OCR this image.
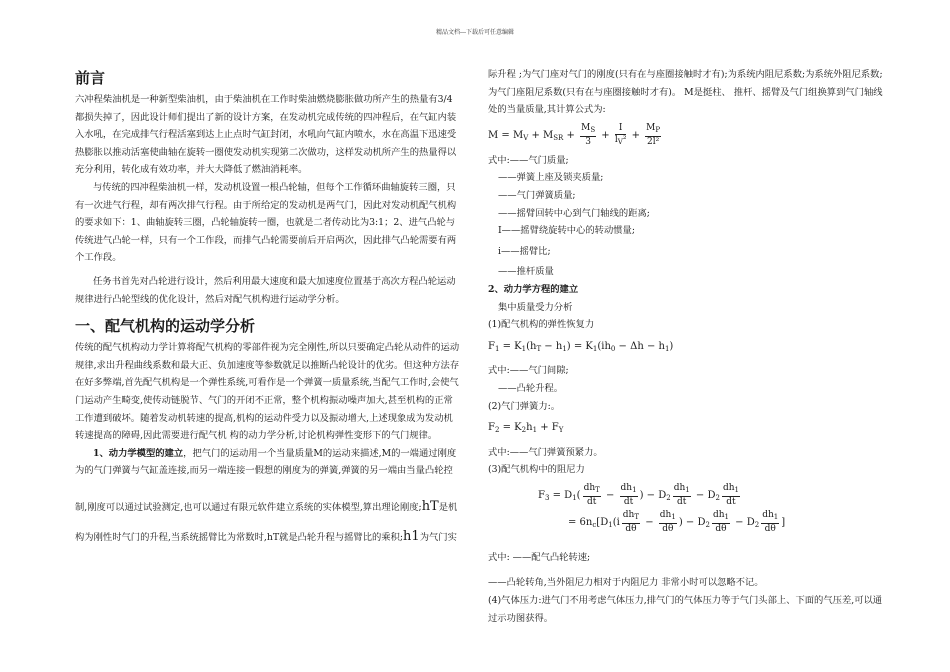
精品文档---下载后可任意编辑
前言

六冲程柴油机是一种新型柴油机，由于柴油机在工作时柴油燃烧膨胀做功所产生的热量有3/4都损失掉了，因此设计师们提出了新的设计方案，在发动机完成传统的四冲程后，在气缸内装入水吼，在完成排气行程活塞到达上止点时气缸封闭，水吼向气缸内喷水，水在高温下迅速受热膨胀以推动活塞使曲轴在旋转一圈使发动机实现第二次做功，这样发动机所产生的热量得以充分利用，转化成有效功率，并大大降低了燃油消耗率。

与传统的四冲程柴油机一样，发动机设置一根凸轮轴，但每个工作循环曲轴旋转三圈，只有一次进气行程，却有两次排气行程。由于所给定的发动机是两气门，因此对发动机配气机构的要求如下：1、曲轴旋转三圈，凸轮轴旋转一圈，也就是二者传动比为3:1；2、进气凸轮与传统进气凸轮一样，只有一个工作段，而排气凸轮需要前后开启两次，因此排气凸轮需要有两个工作段。

任务书首先对凸轮进行设计，然后利用最大速度和最大加速度位置基于高次方程凸轮运动规律进行凸轮型线的优化设计，然后对配气机构进行运动学分析。

一、配气机构的运动学分析

传统的配气机构动力学计算将配气机构的零部件视为完全刚性,所以只要确定凸轮从动件的运动规律,求出升程曲线系数和最大正、负加速度等参数就足以推断凸轮设计的优劣。但这种方法存在好多弊端,首先配气机构是一个弹性系统,可看作是一个弹簧一质量系统,当配气工作时,会使气门运动产生畸变,使传动链脱节、气门的开闭不正常，整个机构振动噪声加大,甚至机构的正常工作遭到破坏。随着发动机转速的提高,机构的运动件受力以及振动增大,上述现象成为发动机转速提高的障碍,因此需要进行配气机 构的动力学分析,讨论机构弹性变形下的气门规律。

1、动力学模型的建立，把气门的运动用一个当量质量M的运动来描述,M的一端通过刚度为的气门弹簧与气缸盖连接,而另一端连接一假想的刚度为的弹簧,弹簧的另一端由当量凸轮控

制,刚度可以通过试验测定,也可以通过有限元软件建立系统的实体模型,算出理论刚度;hT是机

构为刚性时气门的升程,当系统摇臂比为常数时,hT就是凸轮升程与摇臂比的乘积;h1为气门实

际升程 ;为气门座对气门的刚度(只有在与座圈接触时才有);为系统内阻尼系数;为系统外阻尼系数;为气门座阻尼系数(只有在与座圈接触时才有)。 M是挺柱、 推杆、摇臂及气门组换算到气门轴线处的当量质量,其计算公式为:

$M = M_V + M_{SR} + \frac{M_S}{3} + \frac{I}{l_V^2} + \frac{M_P}{\text{2l²}}$

式中:——气门质量;

——弹簧上座及锁夹质量;

——气门弹簧质量;

——摇臂回转中心到气门轴线的距离;

I——摇臂绕旋转中心的转动惯量;

i——摇臂比;

——推杆质量

2、动力学方程的建立

集中质量受力分析

(1)配气机构的弹性恢复力

$F_1 = K_1(h_T - h_1) = K_1(ih_0 - \Delta h - h_1)$

式中:——气门间隙;

——凸轮升程。

(2)气门弹簧力:。

$F_2 = K_2h_1 + F_Y$

式中:——气门弹簧预紧力。

(3)配气机构中的阻尼力

$F_3 = D_1$(
$dh_T$
dt
− $\frac{dh_1}{dt}$ ) − $D_2 \frac{dh_1}{dt} - D_2 \frac{dh_1}{dt}$
= $6n_c[D_1(i$
$dh_T$
dθ
− $\frac{dh_1}{d\theta}$ ) − $D_2 \frac{dh_1}{d\theta} - D_2 \frac{dh_1}{d\theta}$ ]

式中: ——配气凸轮转速;

——凸轮转角,当外阻尼力相对于内阻尼力 非常小时可以忽略不记。

(4)气体压力:进气门不用考虑气体压力,排气门的气体压力等于气门头部上、下面的气压差,可以通过示功图获得。
